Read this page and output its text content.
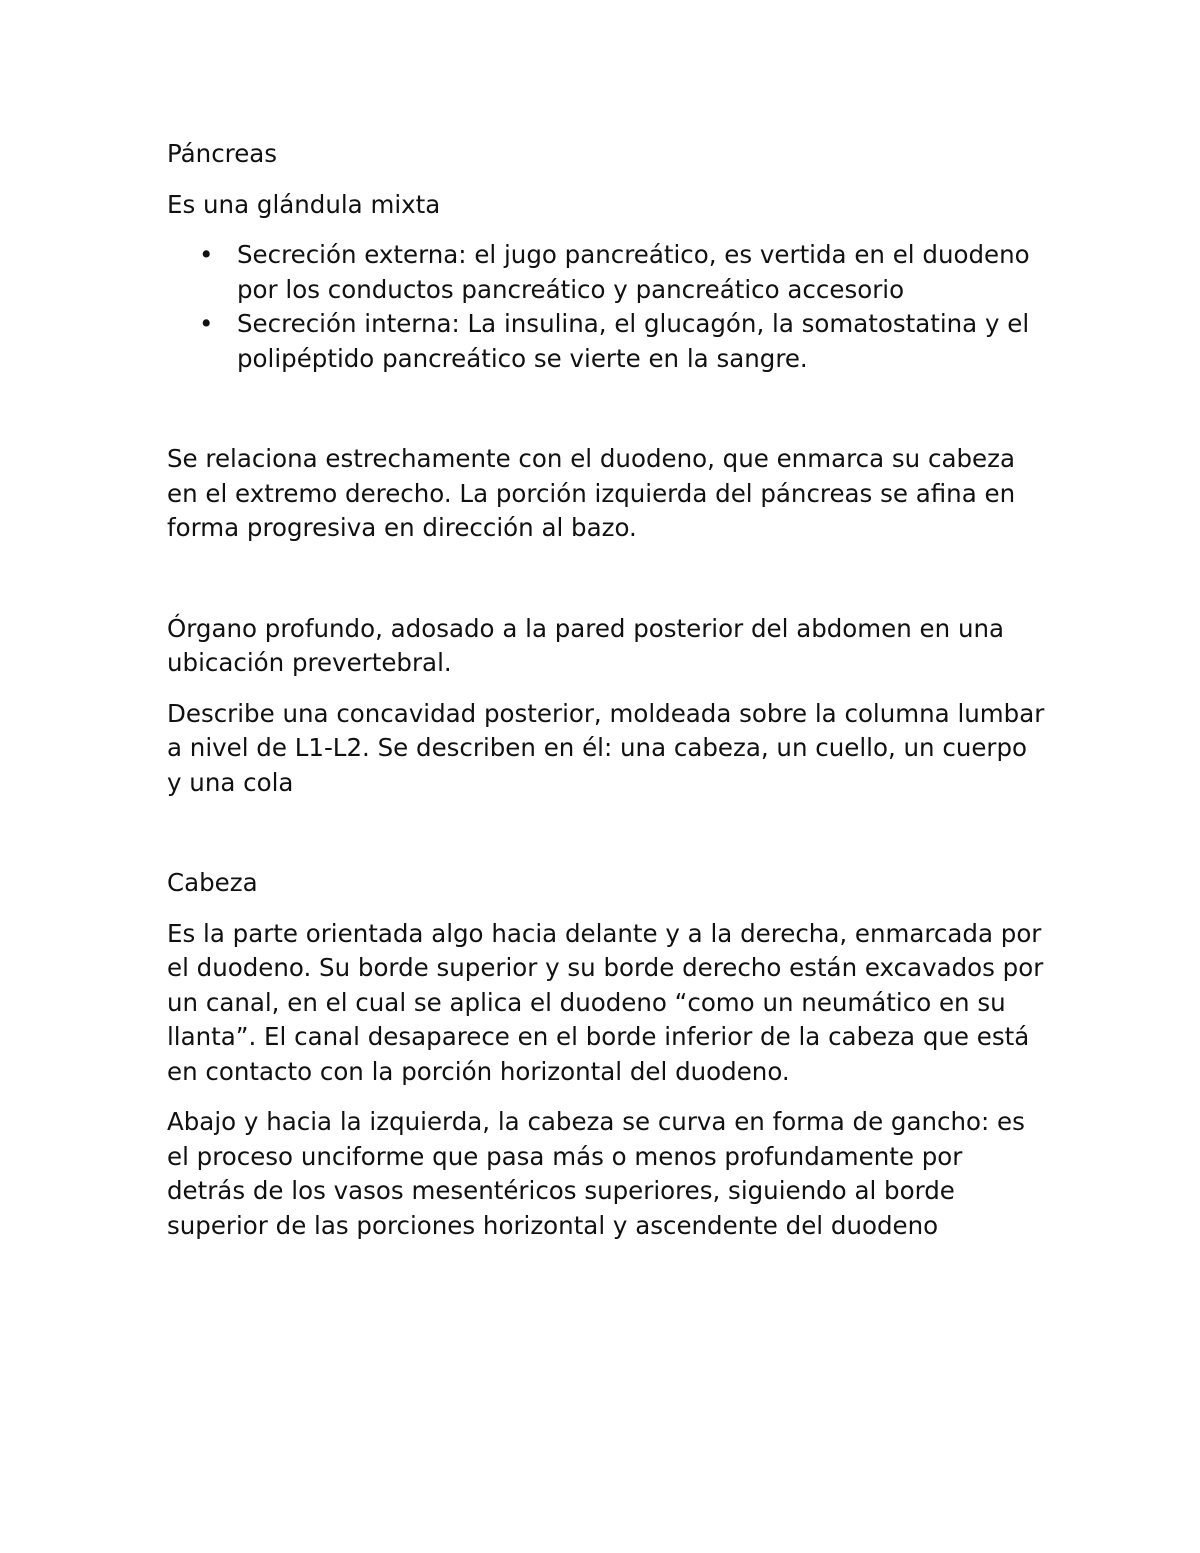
Páncreas

Es una glándula mixta

• Secreción externa: el jugo pancreático, es vertida en el duodeno por los conductos pancreático y pancreático accesorio
• Secreción interna: La insulina, el glucagón, la somatostatina y el polipéptido pancreático se vierte en la sangre.

Se relaciona estrechamente con el duodeno, que enmarca su cabeza en el extremo derecho. La porción izquierda del páncreas se afina en forma progresiva en dirección al bazo.

Órgano profundo, adosado a la pared posterior del abdomen en una ubicación prevertebral.

Describe una concavidad posterior, moldeada sobre la columna lumbar a nivel de L1-L2. Se describen en él: una cabeza, un cuello, un cuerpo y una cola

Cabeza

Es la parte orientada algo hacia delante y a la derecha, enmarcada por el duodeno. Su borde superior y su borde derecho están excavados por un canal, en el cual se aplica el duodeno “como un neumático en su llanta”. El canal desaparece en el borde inferior de la cabeza que está en contacto con la porción horizontal del duodeno.

Abajo y hacia la izquierda, la cabeza se curva en forma de gancho: es el proceso unciforme que pasa más o menos profundamente por detrás de los vasos mesentéricos superiores, siguiendo al borde superior de las porciones horizontal y ascendente del duodeno
